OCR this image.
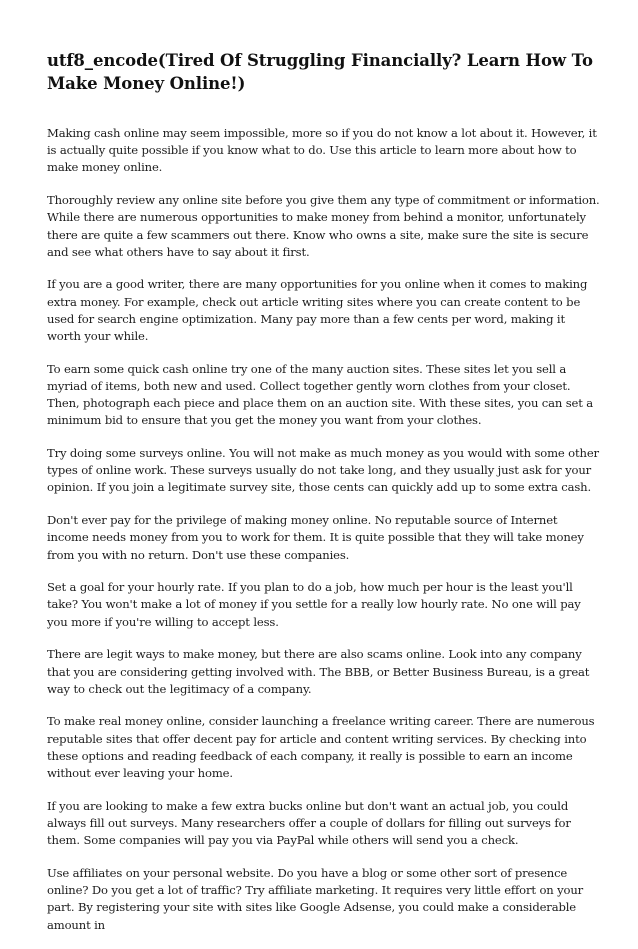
utf8_encode(Tired Of Struggling Financially? Learn How To Make Money Online!)

Making cash online may seem impossible, more so if you do not know a lot about it. However, it is actually quite possible if you know what to do. Use this article to learn more about how to make money online.

Thoroughly review any online site before you give them any type of commitment or information. While there are numerous opportunities to make money from behind a monitor, unfortunately there are quite a few scammers out there. Know who owns a site, make sure the site is secure and see what others have to say about it first.

If you are a good writer, there are many opportunities for you online when it comes to making extra money. For example, check out article writing sites where you can create content to be used for search engine optimization. Many pay more than a few cents per word, making it worth your while.

To earn some quick cash online try one of the many auction sites. These sites let you sell a myriad of items, both new and used. Collect together gently worn clothes from your closet. Then, photograph each piece and place them on an auction site. With these sites, you can set a minimum bid to ensure that you get the money you want from your clothes.

Try doing some surveys online. You will not make as much money as you would with some other types of online work. These surveys usually do not take long, and they usually just ask for your opinion. If you join a legitimate survey site, those cents can quickly add up to some extra cash.

Don't ever pay for the privilege of making money online. No reputable source of Internet income needs money from you to work for them. It is quite possible that they will take money from you with no return. Don't use these companies.

Set a goal for your hourly rate. If you plan to do a job, how much per hour is the least you'll take? You won't make a lot of money if you settle for a really low hourly rate. No one will pay you more if you're willing to accept less.

There are legit ways to make money, but there are also scams online. Look into any company that you are considering getting involved with. The BBB, or Better Business Bureau, is a great way to check out the legitimacy of a company.

To make real money online, consider launching a freelance writing career. There are numerous reputable sites that offer decent pay for article and content writing services. By checking into these options and reading feedback of each company, it really is possible to earn an income without ever leaving your home.

If you are looking to make a few extra bucks online but don't want an actual job, you could always fill out surveys. Many researchers offer a couple of dollars for filling out surveys for them. Some companies will pay you via PayPal while others will send you a check.

Use affiliates on your personal website. Do you have a blog or some other sort of presence online? Do you get a lot of traffic? Try affiliate marketing. It requires very little effort on your part. By registering your site with sites like Google Adsense, you could make a considerable amount in
